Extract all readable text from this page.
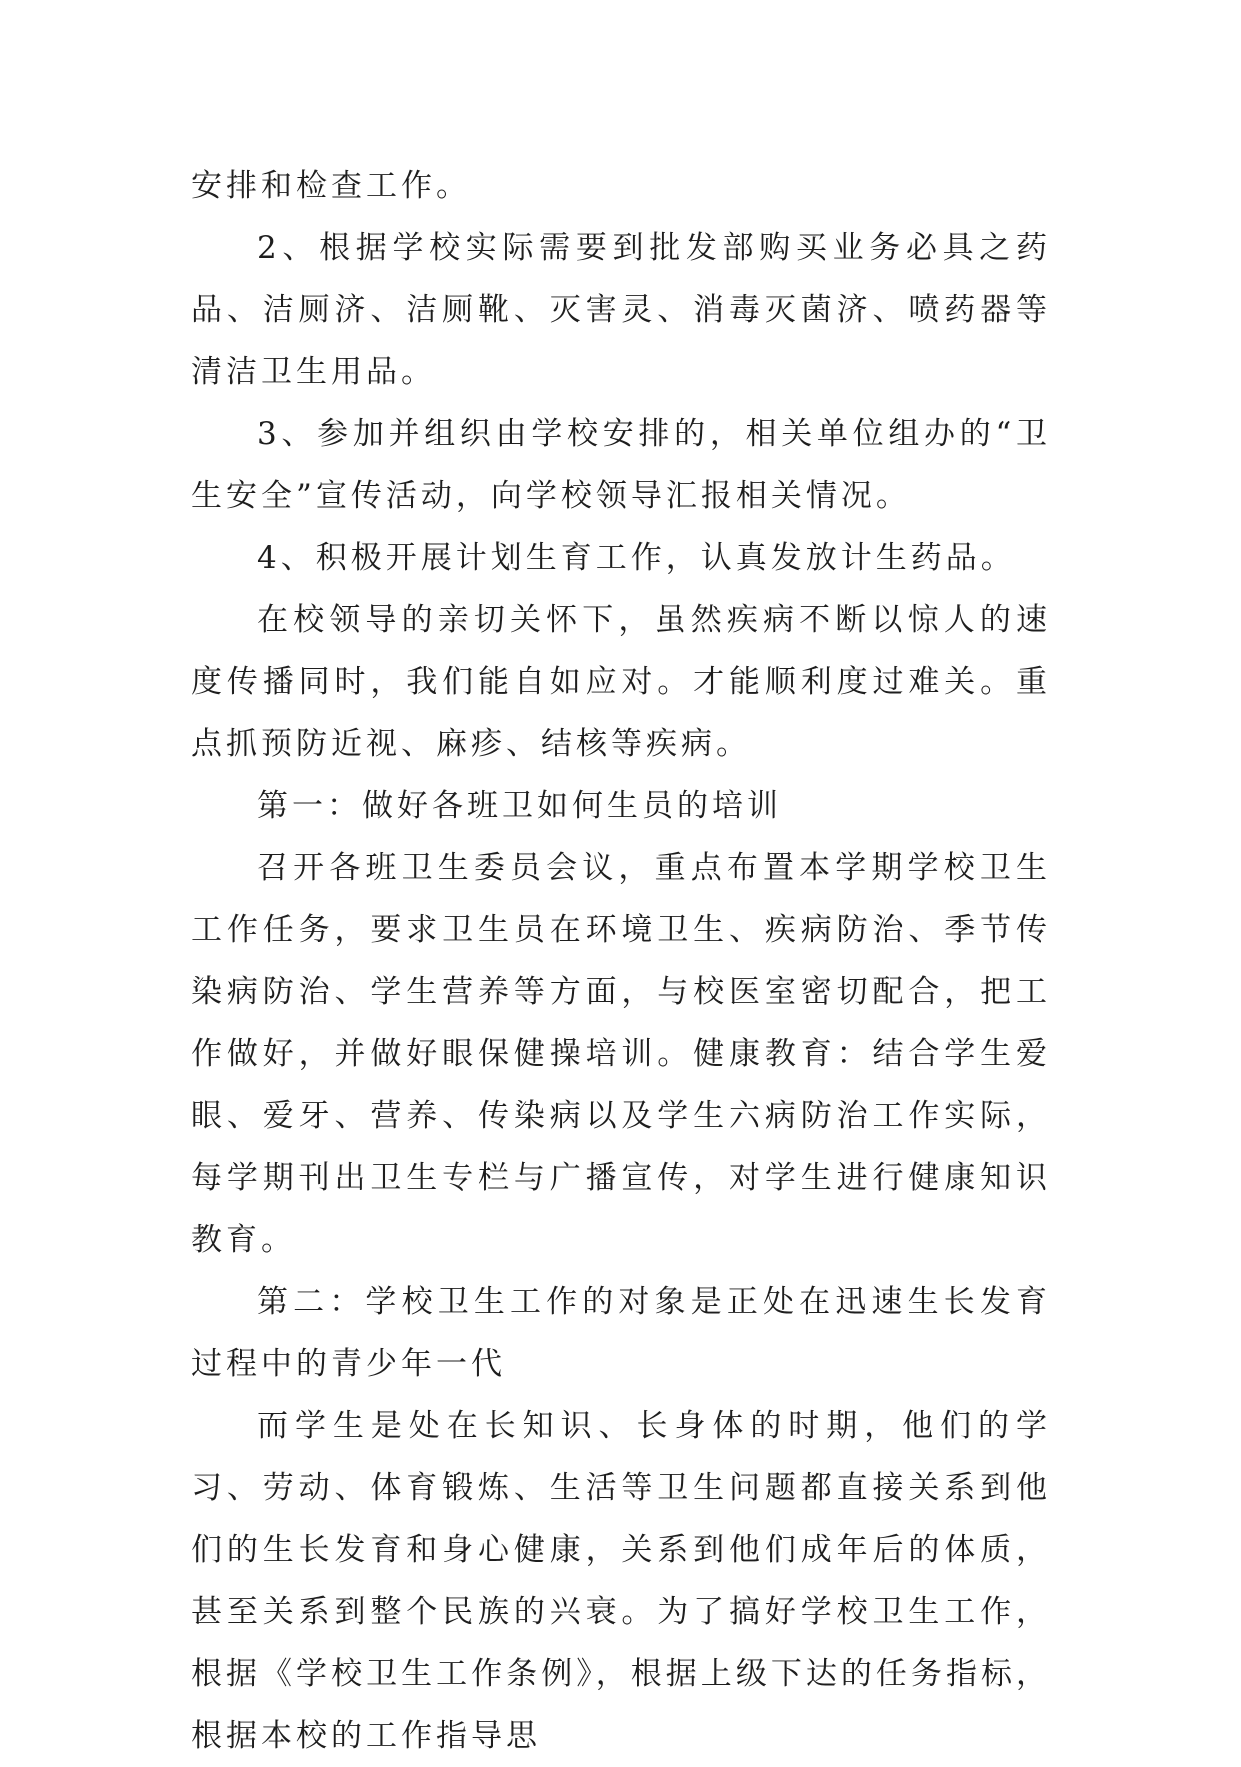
安排和检查工作。

2、根据学校实际需要到批发部购买业务必具之药品、洁厕济、洁厕靴、灭害灵、消毒灭菌济、喷药器等清洁卫生用品。

3、参加并组织由学校安排的，相关单位组办的“卫生安全”宣传活动，向学校领导汇报相关情况。

4、积极开展计划生育工作，认真发放计生药品。

在校领导的亲切关怀下，虽然疾病不断以惊人的速度传播同时，我们能自如应对。才能顺利度过难关。重点抓预防近视、麻疹、结核等疾病。

第一：做好各班卫如何生员的培训

召开各班卫生委员会议，重点布置本学期学校卫生工作任务，要求卫生员在环境卫生、疾病防治、季节传染病防治、学生营养等方面，与校医室密切配合，把工作做好，并做好眼保健操培训。健康教育：结合学生爱眼、爱牙、营养、传染病以及学生六病防治工作实际，每学期刊出卫生专栏与广播宣传，对学生进行健康知识教育。

第二：学校卫生工作的对象是正处在迅速生长发育过程中的青少年一代

而学生是处在长知识、长身体的时期，他们的学习、劳动、体育锻炼、生活等卫生问题都直接关系到他们的生长发育和身心健康，关系到他们成年后的体质，甚至关系到整个民族的兴衰。为了搞好学校卫生工作，根据《学校卫生工作条例》，根据上级下达的任务指标，根据本校的工作指导思
